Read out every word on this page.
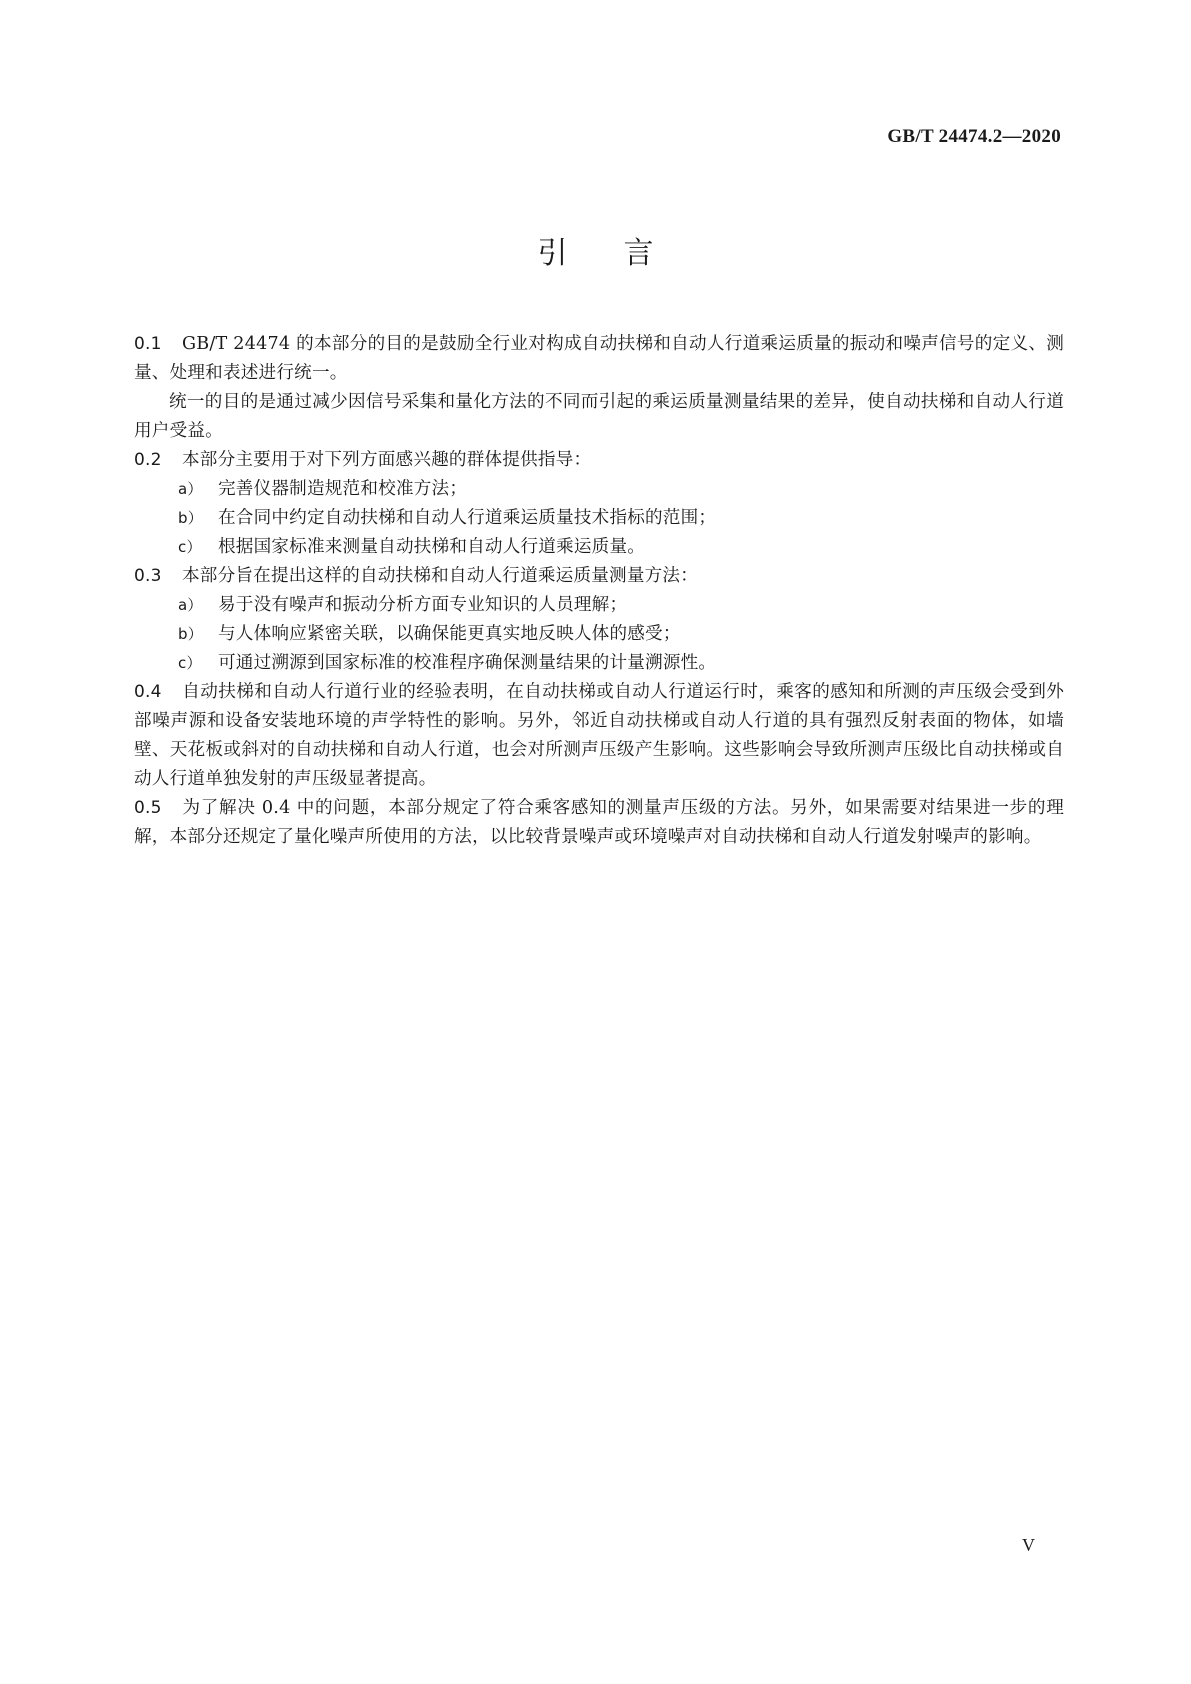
GB/T 24474.2—2020
引 言

0.1 GB/T 24474 的本部分的目的是鼓励全行业对构成自动扶梯和自动人行道乘运质量的振动和噪声信号的定义、测量、处理和表述进行统一。

统一的目的是通过减少因信号采集和量化方法的不同而引起的乘运质量测量结果的差异，使自动扶梯和自动人行道用户受益。

0.2 本部分主要用于对下列方面感兴趣的群体提供指导：

a） 完善仪器制造规范和校准方法；

b） 在合同中约定自动扶梯和自动人行道乘运质量技术指标的范围；

c） 根据国家标准来测量自动扶梯和自动人行道乘运质量。

0.3 本部分旨在提出这样的自动扶梯和自动人行道乘运质量测量方法：

a） 易于没有噪声和振动分析方面专业知识的人员理解；

b） 与人体响应紧密关联，以确保能更真实地反映人体的感受；

c） 可通过溯源到国家标准的校准程序确保测量结果的计量溯源性。

0.4 自动扶梯和自动人行道行业的经验表明，在自动扶梯或自动人行道运行时，乘客的感知和所测的声压级会受到外部噪声源和设备安装地环境的声学特性的影响。另外，邻近自动扶梯或自动人行道的具有强烈反射表面的物体，如墙壁、天花板或斜对的自动扶梯和自动人行道，也会对所测声压级产生影响。这些影响会导致所测声压级比自动扶梯或自动人行道单独发射的声压级显著提高。

0.5 为了解决 0.4 中的问题，本部分规定了符合乘客感知的测量声压级的方法。另外，如果需要对结果进一步的理解，本部分还规定了量化噪声所使用的方法，以比较背景噪声或环境噪声对自动扶梯和自动人行道发射噪声的影响。

V
